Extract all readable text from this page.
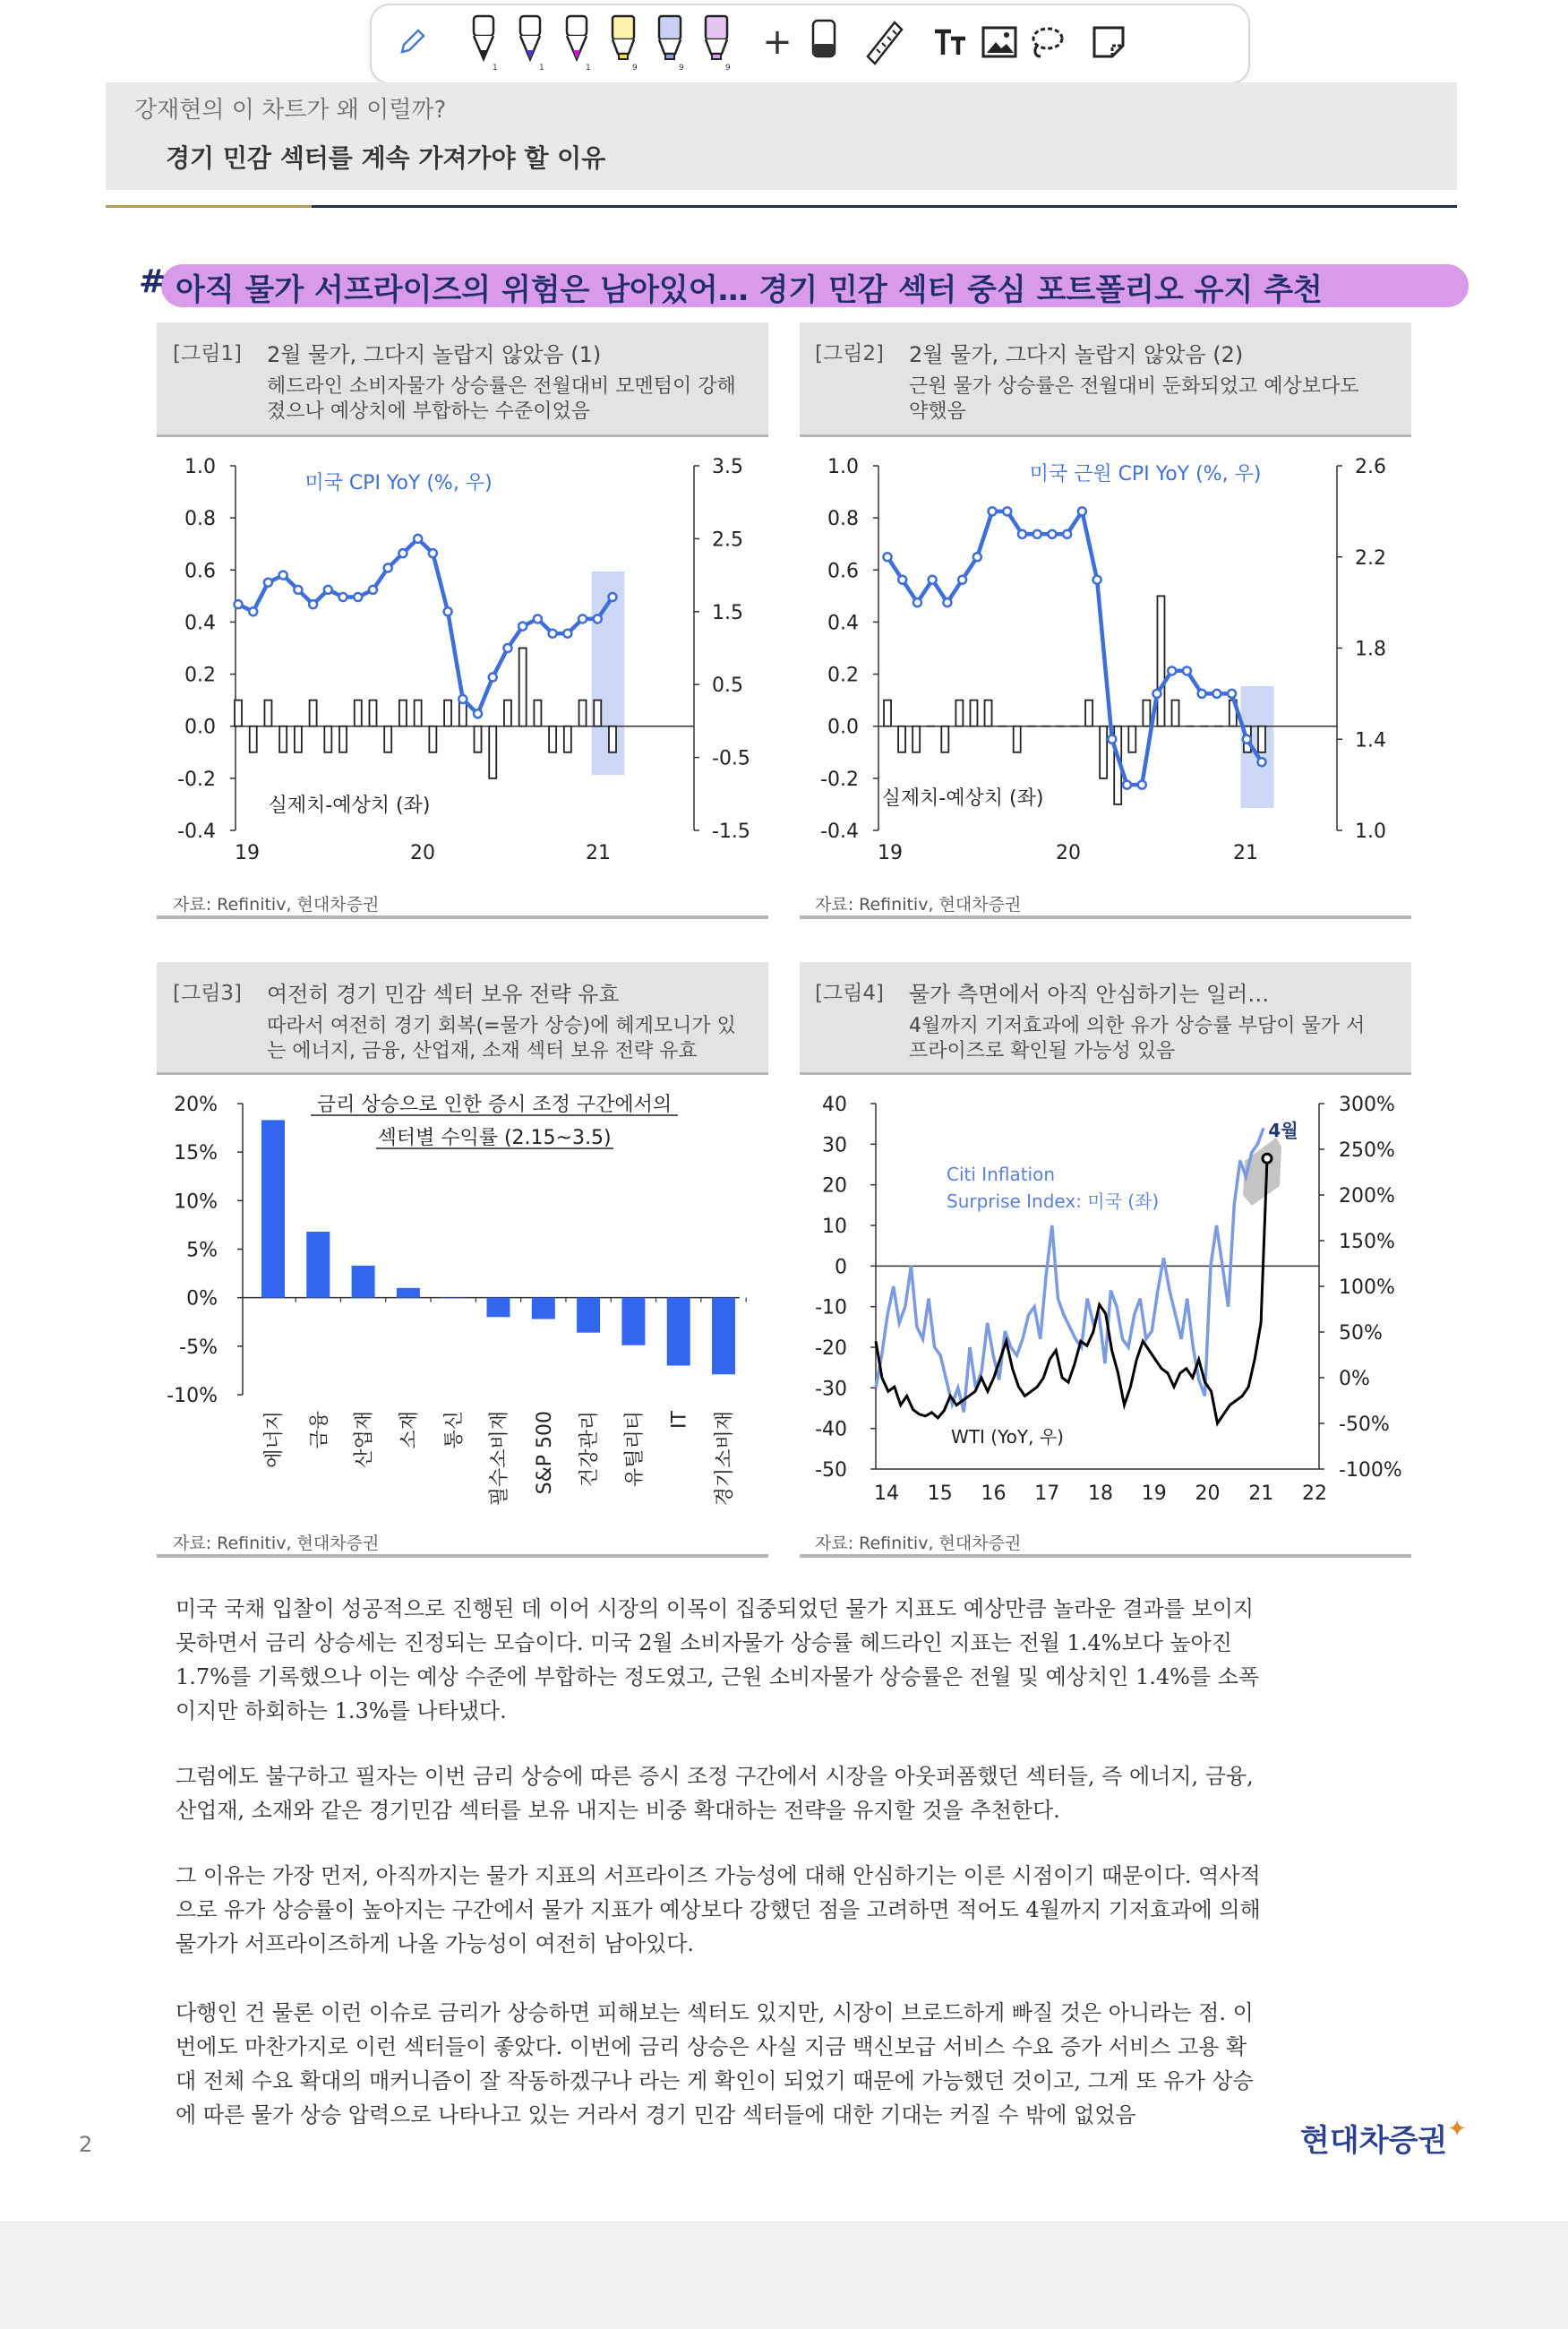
1	1	1	9	9	9
+
강재현의 이 차트가 왜 이럴까?
경기 민감 섹터를 계속 가져가야 할 이유
# 아직 물가 서프라이즈의 위험은 남아있어… 경기 민감 섹터 중심 포트폴리오 유지 추천
[그림1] 2월 물가, 그다지 놀랍지 않았음 (1)
헤드라인 소비자물가 상승률은 전월대비 모멘텀이 강해
졌으나 예상치에 부합하는 수준이었음
[그림2] 2월 물가, 그다지 놀랍지 않았음 (2)
근원 물가 상승률은 전월대비 둔화되었고 예상보다도
약했음
1.0
0.8
0.6
0.4
0.2
0.0
-0.2
-0.4
3.5
2.5
1.5
0.5
-0.5
-1.5
19	20	21
미국 CPI YoY (%, 우)
실제치-예상치 (좌)
자료: Refinitiv, 현대차증권
1.0
0.8
0.6
0.4
0.2
0.0
-0.2
-0.4
2.6
2.2
1.8
1.4
1.0
19	20	21
미국 근원 CPI YoY (%, 우)
실제치-예상치 (좌)
자료: Refinitiv, 현대차증권
[그림3] 여전히 경기 민감 섹터 보유 전략 유효
따라서 여전히 경기 회복(=물가 상승)에 헤게모니가 있
는 에너지, 금융, 산업재, 소재 섹터 보유 전략 유효
[그림4] 물가 측면에서 아직 안심하기는 일러…
4월까지 기저효과에 의한 유가 상승률 부담이 물가 서
프라이즈로 확인될 가능성 있음
20%
15%
10%
5%
0%
-5%
-10%
에너지 금융 산업재 소재 통신 필수소비재 S&P 500 건강관리 유틸리티 IT 경기소비재
금리 상승으로 인한 증시 조정 구간에서의
섹터별 수익률 (2.15~3.5)
자료: Refinitiv, 현대차증권
40
30
20
10
0
-10
-20
-30
-40
-50
300%
250%
200%
150%
100%
50%
0%
-50%
-100%
14 15 16 17 18 19 20 21 22
4월
Citi Inflation
Surprise Index: 미국 (좌)
WTI (YoY, 우)
자료: Refinitiv, 현대차증권
미국 국채 입찰이 성공적으로 진행된 데 이어 시장의 이목이 집중되었던 물가 지표도 예상만큼 놀라운 결과를 보이지
못하면서 금리 상승세는 진정되는 모습이다. 미국 2월 소비자물가 상승률 헤드라인 지표는 전월 1.4%보다 높아진
1.7%를 기록했으나 이는 예상 수준에 부합하는 정도였고, 근원 소비자물가 상승률은 전월 및 예상치인 1.4%를 소폭
이지만 하회하는 1.3%를 나타냈다.
그럼에도 불구하고 필자는 이번 금리 상승에 따른 증시 조정 구간에서 시장을 아웃퍼폼했던 섹터들, 즉 에너지, 금융,
산업재, 소재와 같은 경기민감 섹터를 보유 내지는 비중 확대하는 전략을 유지할 것을 추천한다.
그 이유는 가장 먼저, 아직까지는 물가 지표의 서프라이즈 가능성에 대해 안심하기는 이른 시점이기 때문이다. 역사적
으로 유가 상승률이 높아지는 구간에서 물가 지표가 예상보다 강했던 점을 고려하면 적어도 4월까지 기저효과에 의해
물가가 서프라이즈하게 나올 가능성이 여전히 남아있다.
다행인 건 물론 이런 이슈로 금리가 상승하면 피해보는 섹터도 있지만, 시장이 브로드하게 빠질 것은 아니라는 점. 이
번에도 마찬가지로 이런 섹터들이 좋았다. 이번에 금리 상승은 사실 지금 백신보급 서비스 수요 증가 서비스 고용 확
대 전체 수요 확대의 매커니즘이 잘 작동하겠구나 라는 게 확인이 되었기 때문에 가능했던 것이고, 그게 또 유가 상승
에 따른 물가 상승 압력으로 나타나고 있는 거라서 경기 민감 섹터들에 대한 기대는 커질 수 밖에 없었음
2	현대차증권✦
